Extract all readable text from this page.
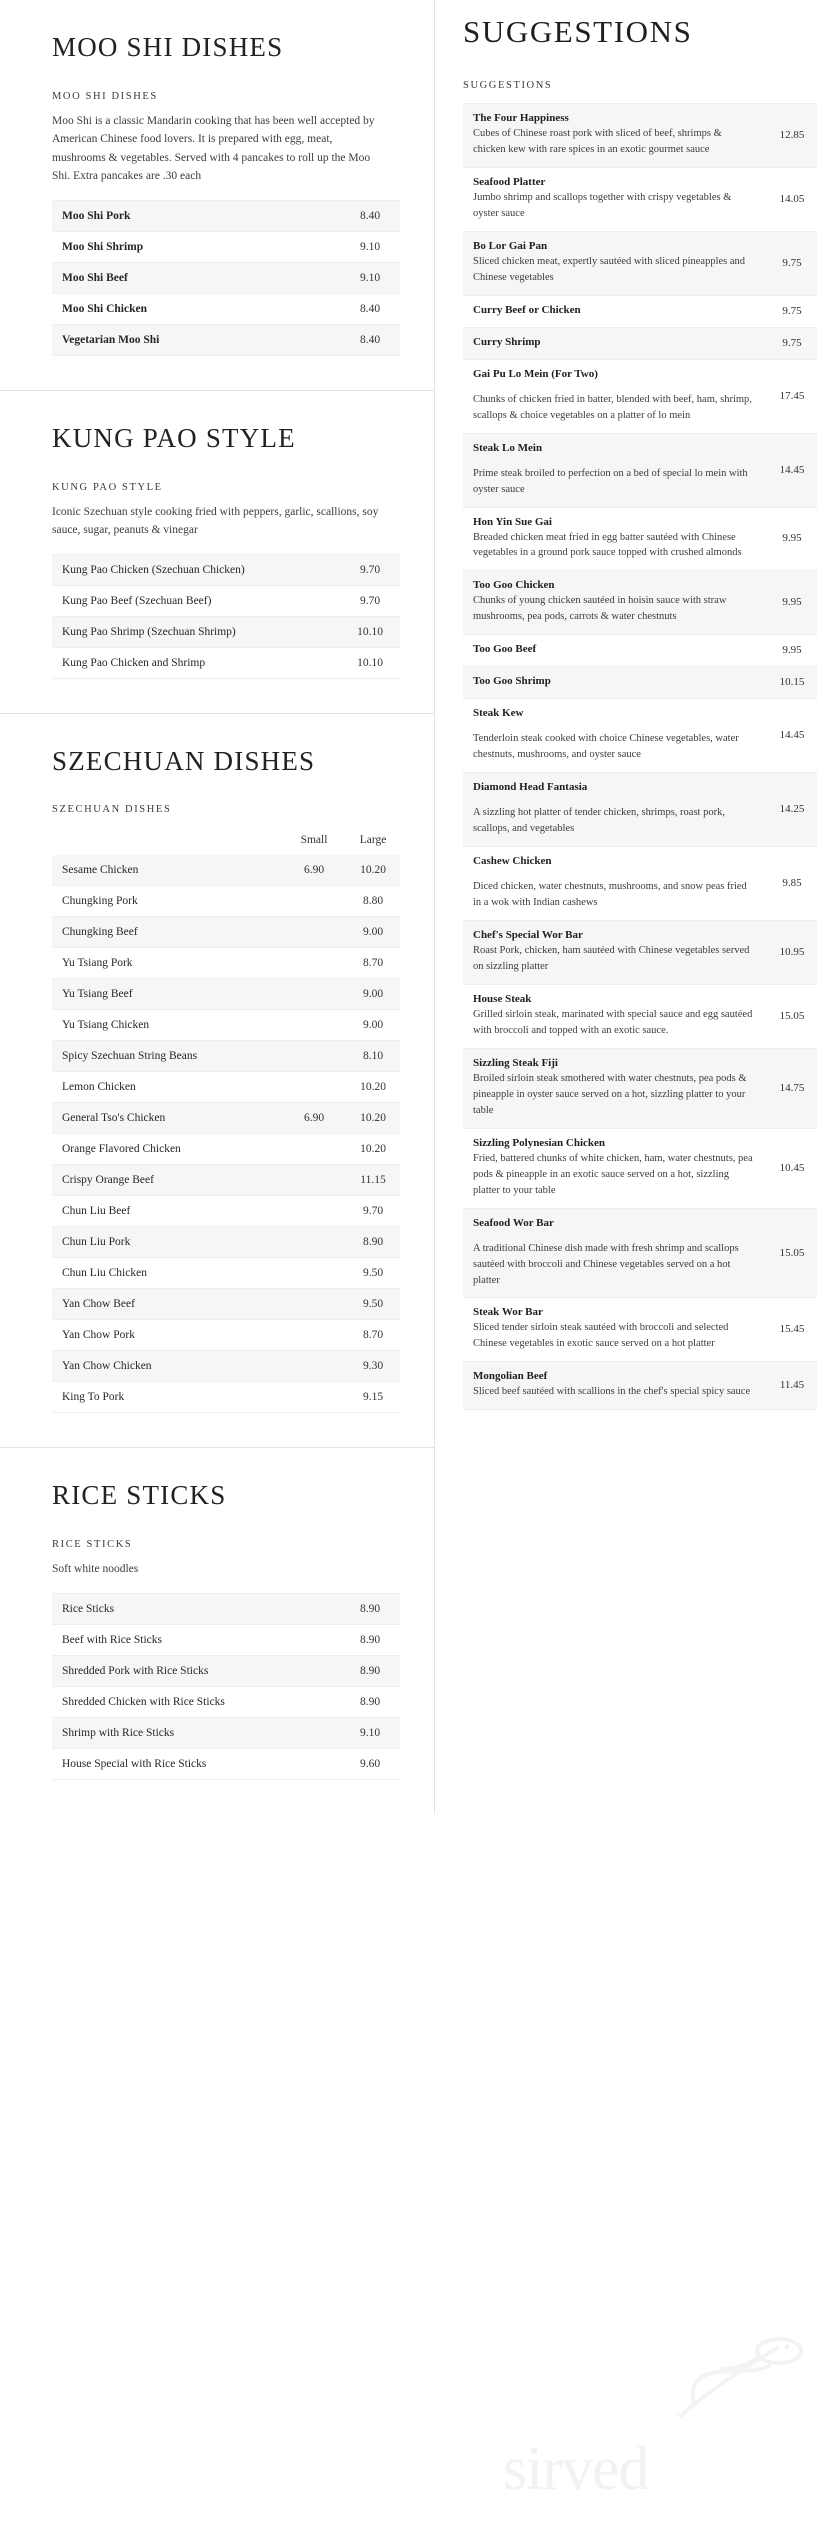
MOO SHI DISHES
MOO SHI DISHES

Moo Shi is a classic Mandarin cooking that has been well accepted by American Chinese food lovers. It is prepared with egg, meat, mushrooms & vegetables. Served with 4 pancakes to roll up the Moo Shi. Extra pancakes are .30 each

Moo Shi Pork	8.40
Moo Shi Shrimp	9.10
Moo Shi Beef	9.10
Moo Shi Chicken	8.40
Vegetarian Moo Shi	8.40
KUNG PAO STYLE
KUNG PAO STYLE

Iconic Szechuan style cooking fried with peppers, garlic, scallions, soy sauce, sugar, peanuts & vinegar

Kung Pao Chicken (Szechuan Chicken)	9.70
Kung Pao Beef (Szechuan Beef)	9.70
Kung Pao Shrimp (Szechuan Shrimp)	10.10
Kung Pao Chicken and Shrimp	10.10
SZECHUAN DISHES
SZECHUAN DISHES
	Small	Large
Sesame Chicken	6.90	10.20
Chungking Pork		8.80
Chungking Beef		9.00
Yu Tsiang Pork		8.70
Yu Tsiang Beef		9.00
Yu Tsiang Chicken		9.00
Spicy Szechuan String Beans		8.10
Lemon Chicken		10.20
General Tso's Chicken	6.90	10.20
Orange Flavored Chicken		10.20
Crispy Orange Beef		11.15
Chun Liu Beef		9.70
Chun Liu Pork		8.90
Chun Liu Chicken		9.50
Yan Chow Beef		9.50
Yan Chow Pork		8.70
Yan Chow Chicken		9.30
King To Pork		9.15
RICE STICKS
RICE STICKS

Soft white noodles

Rice Sticks	8.90
Beef with Rice Sticks	8.90
Shredded Pork with Rice Sticks	8.90
Shredded Chicken with Rice Sticks	8.90
Shrimp with Rice Sticks	9.10
House Special with Rice Sticks	9.60
SUGGESTIONS
SUGGESTIONS
The Four Happiness
Cubes of Chinese roast pork with sliced of beef, shrimps & chicken kew with rare spices in an exotic gourmet sauce	12.85

Seafood Platter
Jumbo shrimp and scallops together with crispy vegetables & oyster sauce	14.05

Bo Lor Gai Pan
Sliced chicken meat, expertly sautéed with sliced pineapples and Chinese vegetables	9.75

Curry Beef or Chicken	9.75

Curry Shrimp	9.75

Gai Pu Lo Mein (For Two)
Chunks of chicken fried in batter, blended with beef, ham, shrimp, scallops & choice vegetables on a platter of lo mein	17.45

Steak Lo Mein
Prime steak broiled to perfection on a bed of special lo mein with oyster sauce	14.45

Hon Yin Sue Gai
Breaded chicken meat fried in egg batter sautéed with Chinese vegetables in a ground pork sauce topped with crushed almonds	9.95

Too Goo Chicken
Chunks of young chicken sautéed in hoisin sauce with straw mushrooms, pea pods, carrots & water chestnuts	9.95

Too Goo Beef	9.95

Too Goo Shrimp	10.15

Steak Kew
Tenderloin steak cooked with choice Chinese vegetables, water chestnuts, mushrooms, and oyster sauce	14.45

Diamond Head Fantasia
A sizzling hot platter of tender chicken, shrimps, roast pork, scallops, and vegetables	14.25

Cashew Chicken
Diced chicken, water chestnuts, mushrooms, and snow peas fried in a wok with Indian cashews	9.85

Chef's Special Wor Bar
Roast Pork, chicken, ham sautéed with Chinese vegetables served on sizzling platter	10.95

House Steak
Grilled sirloin steak, marinated with special sauce and egg sautéed with broccoli and topped with an exotic sauce.	15.05

Sizzling Steak Fiji
Broiled sirloin steak smothered with water chestnuts, pea pods & pineapple in oyster sauce served on a hot, sizzling platter to your table	14.75

Sizzling Polynesian Chicken
Fried, battered chunks of white chicken, ham, water chestnuts, pea pods & pineapple in an exotic sauce served on a hot, sizzling platter to your table	10.45

Seafood Wor Bar
A traditional Chinese dish made with fresh shrimp and scallops sautéed with broccoli and Chinese vegetables served on a hot platter	15.05

Steak Wor Bar
Sliced tender sirloin steak sautéed with broccoli and selected Chinese vegetables in exotic sauce served on a hot platter	15.45

Mongolian Beef
Sliced beef sautéed with scallions in the chef's special spicy sauce	11.45
sirved
